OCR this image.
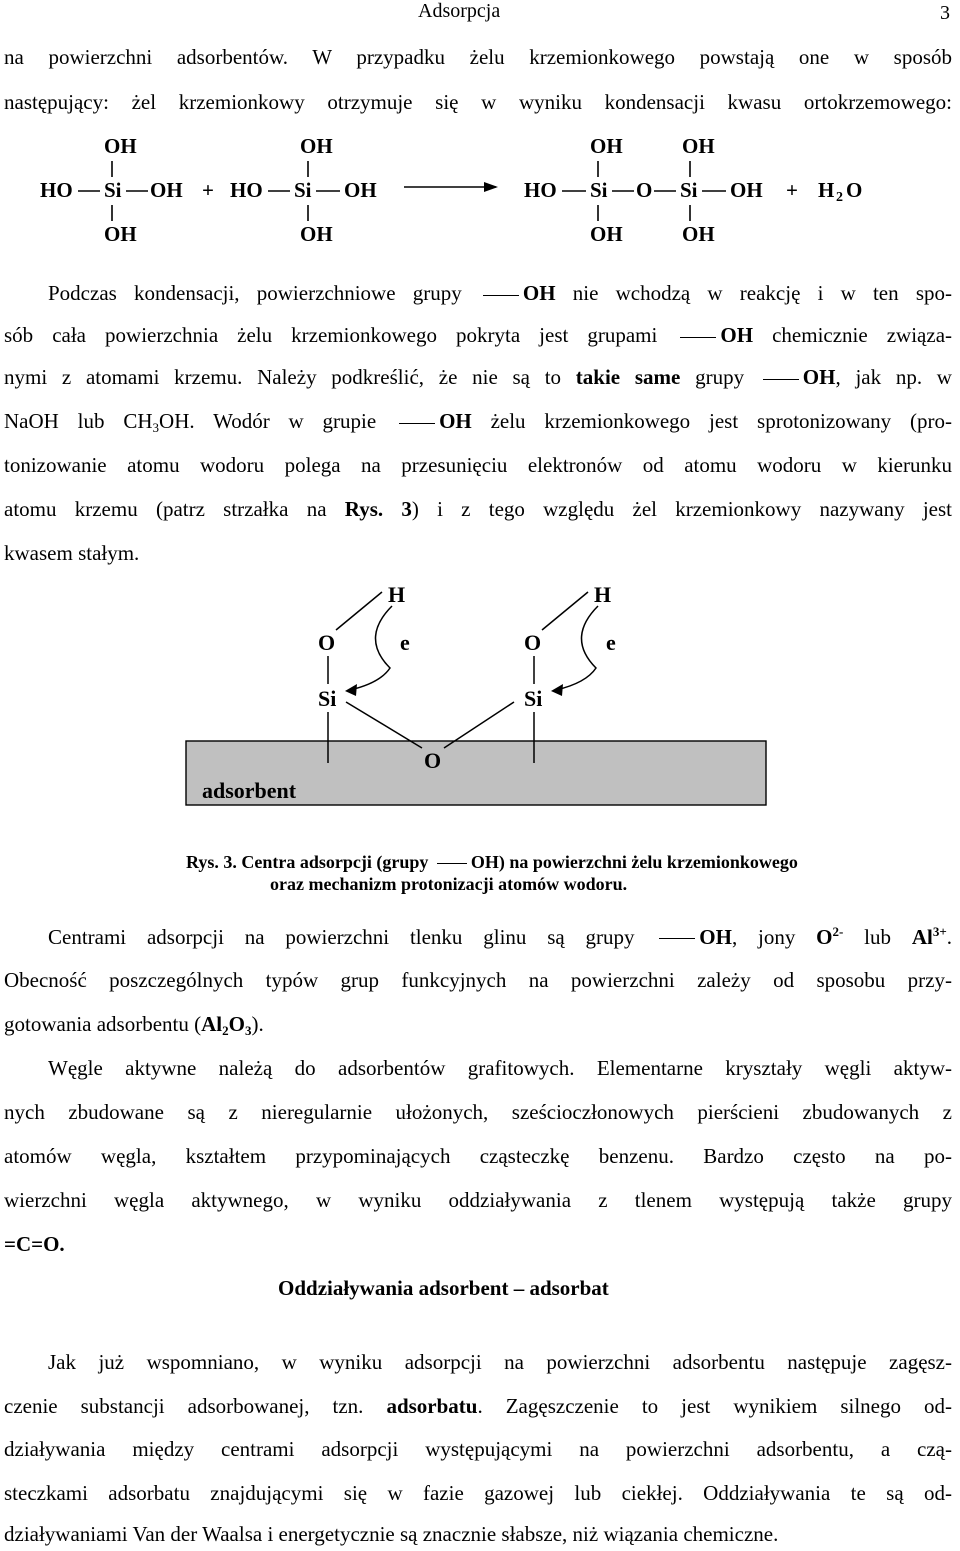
Adsorpcja	3
na powierzchni adsorbentów. W przypadku żelu krzemionkowego powstają one w sposób
następujący: żel krzemionkowy otrzymuje się w wyniku kondensacji kwasu ortokrzemowego:
OH
HO Si OH
OH
+
OH
HO Si OH
OH
OH	OH
HO Si O Si OH
OH	OH
+ H 2 O
Podczas kondensacji, powierzchniowe grupy OH nie wchodzą w reakcję i w ten spo-
sób cała powierzchnia żelu krzemionkowego pokryta jest grupami OH chemicznie związa-
nymi z atomami krzemu. Należy podkreślić, że nie są to takie same grupy OH, jak np. w
NaOH lub $CH_3OH$. Wodór w grupie OH żelu krzemionkowego jest sprotonizowany (pro-
tonizowanie atomu wodoru polega na przesunięciu elektronów od atomu wodoru w kierunku
atomu krzemu (patrz strzałka na Rys. 3) i z tego względu żel krzemionkowy nazywany jest
kwasem stałym.
H	H
O	O
e	e
Si	Si
O
adsorbent
Rys. 3. Centra adsorpcji (grupy OH) na powierzchni żelu krzemionkowego
oraz mechanizm protonizacji atomów wodoru.
Centrami adsorpcji na powierzchni tlenku glinu są grupy OH, jony $O^{2-}$ lub $Al^{3+}$.
Obecność poszczególnych typów grup funkcyjnych na powierzchni zależy od sposobu przy-
gotowania adsorbentu $(Al_2O_3)$.
Węgle aktywne należą do adsorbentów grafitowych. Elementarne kryształy węgli aktyw-
nych zbudowane są z nieregularnie ułożonych, sześcioczłonowych pierścieni zbudowanych z
atomów węgla, kształtem przypominających cząsteczkę benzenu. Bardzo często na po-
wierzchni węgla aktywnego, w wyniku oddziaływania z tlenem występują także grupy
=C=O.
Oddziaływania adsorbent – adsorbat
Jak już wspomniano, w wyniku adsorpcji na powierzchni adsorbentu następuje zagęsz-
czenie substancji adsorbowanej, tzn. adsorbatu. Zagęszczenie to jest wynikiem silnego od-
działywania między centrami adsorpcji występującymi na powierzchni adsorbentu, a czą-
steczkami adsorbatu znajdującymi się w fazie gazowej lub ciekłej. Oddziaływania te są od-
działywaniami Van der Waalsa i energetycznie są znacznie słabsze, niż wiązania chemiczne.
